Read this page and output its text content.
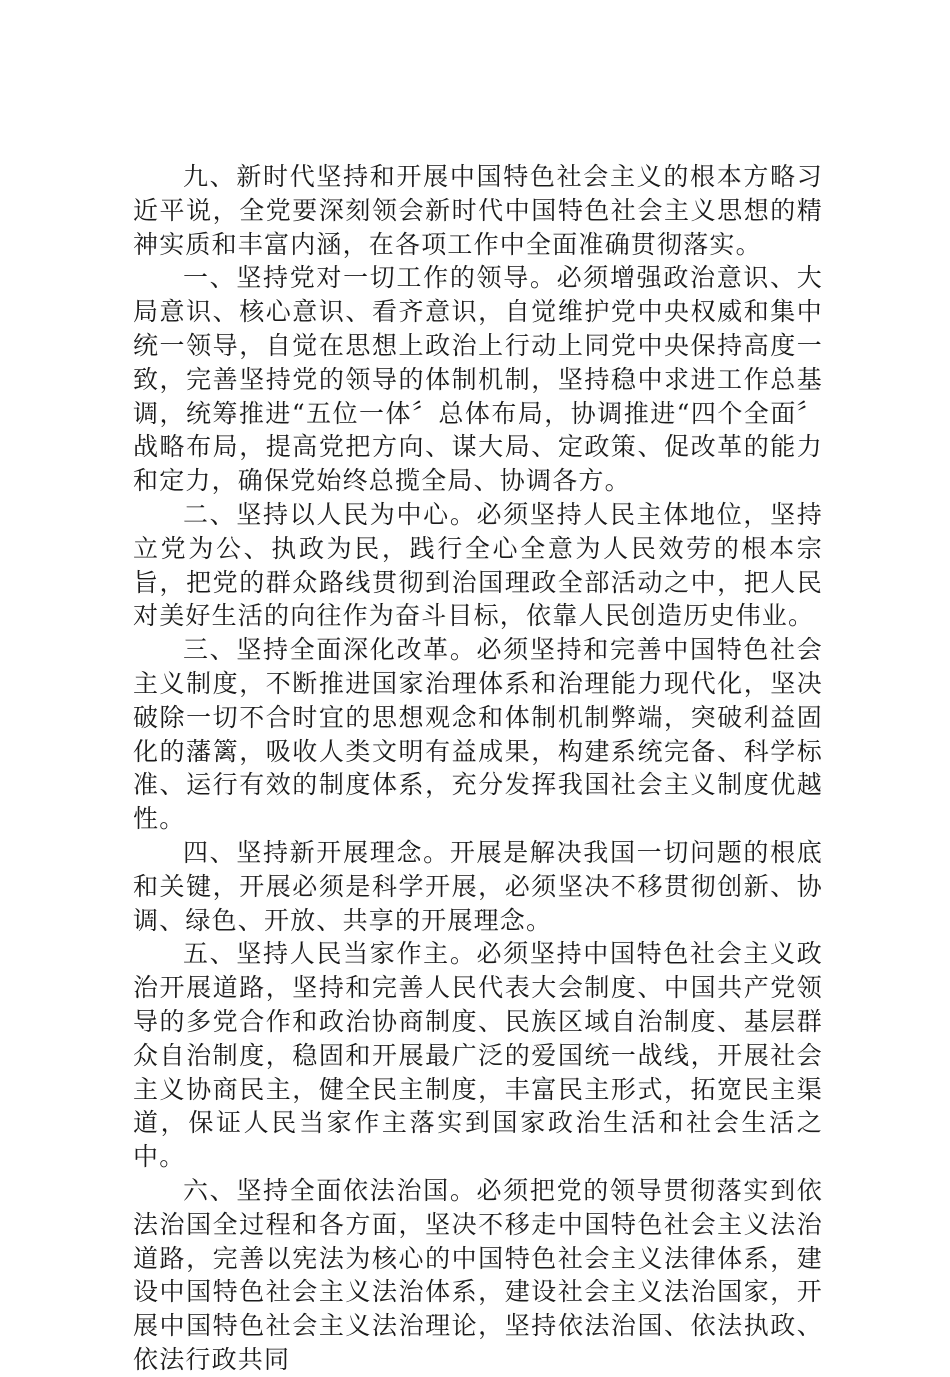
九、新时代坚持和开展中国特色社会主义的根本方略习近平说，全党要深刻领会新时代中国特色社会主义思想的精神实质和丰富内涵，在各项工作中全面准确贯彻落实。

一、坚持党对一切工作的领导。必须增强政治意识、大局意识、核心意识、看齐意识，自觉维护党中央权威和集中统一领导，自觉在思想上政治上行动上同党中央保持高度一致，完善坚持党的领导的体制机制，坚持稳中求进工作总基调，统筹推进“五位一体〞总体布局，协调推进“四个全面〞战略布局，提高党把方向、谋大局、定政策、促改革的能力和定力，确保党始终总揽全局、协调各方。

二、坚持以人民为中心。必须坚持人民主体地位，坚持立党为公、执政为民，践行全心全意为人民效劳的根本宗旨，把党的群众路线贯彻到治国理政全部活动之中，把人民对美好生活的向往作为奋斗目标，依靠人民创造历史伟业。

三、坚持全面深化改革。必须坚持和完善中国特色社会主义制度，不断推进国家治理体系和治理能力现代化，坚决破除一切不合时宜的思想观念和体制机制弊端，突破利益固化的藩篱，吸收人类文明有益成果，构建系统完备、科学标准、运行有效的制度体系，充分发挥我国社会主义制度优越性。

四、坚持新开展理念。开展是解决我国一切问题的根底和关键，开展必须是科学开展，必须坚决不移贯彻创新、协调、绿色、开放、共享的开展理念。

五、坚持人民当家作主。必须坚持中国特色社会主义政治开展道路，坚持和完善人民代表大会制度、中国共产党领导的多党合作和政治协商制度、民族区域自治制度、基层群众自治制度，稳固和开展最广泛的爱国统一战线，开展社会主义协商民主，健全民主制度，丰富民主形式，拓宽民主渠道，保证人民当家作主落实到国家政治生活和社会生活之中。

六、坚持全面依法治国。必须把党的领导贯彻落实到依法治国全过程和各方面，坚决不移走中国特色社会主义法治道路，完善以宪法为核心的中国特色社会主义法律体系，建设中国特色社会主义法治体系，建设社会主义法治国家，开展中国特色社会主义法治理论，坚持依法治国、依法执政、依法行政共同
